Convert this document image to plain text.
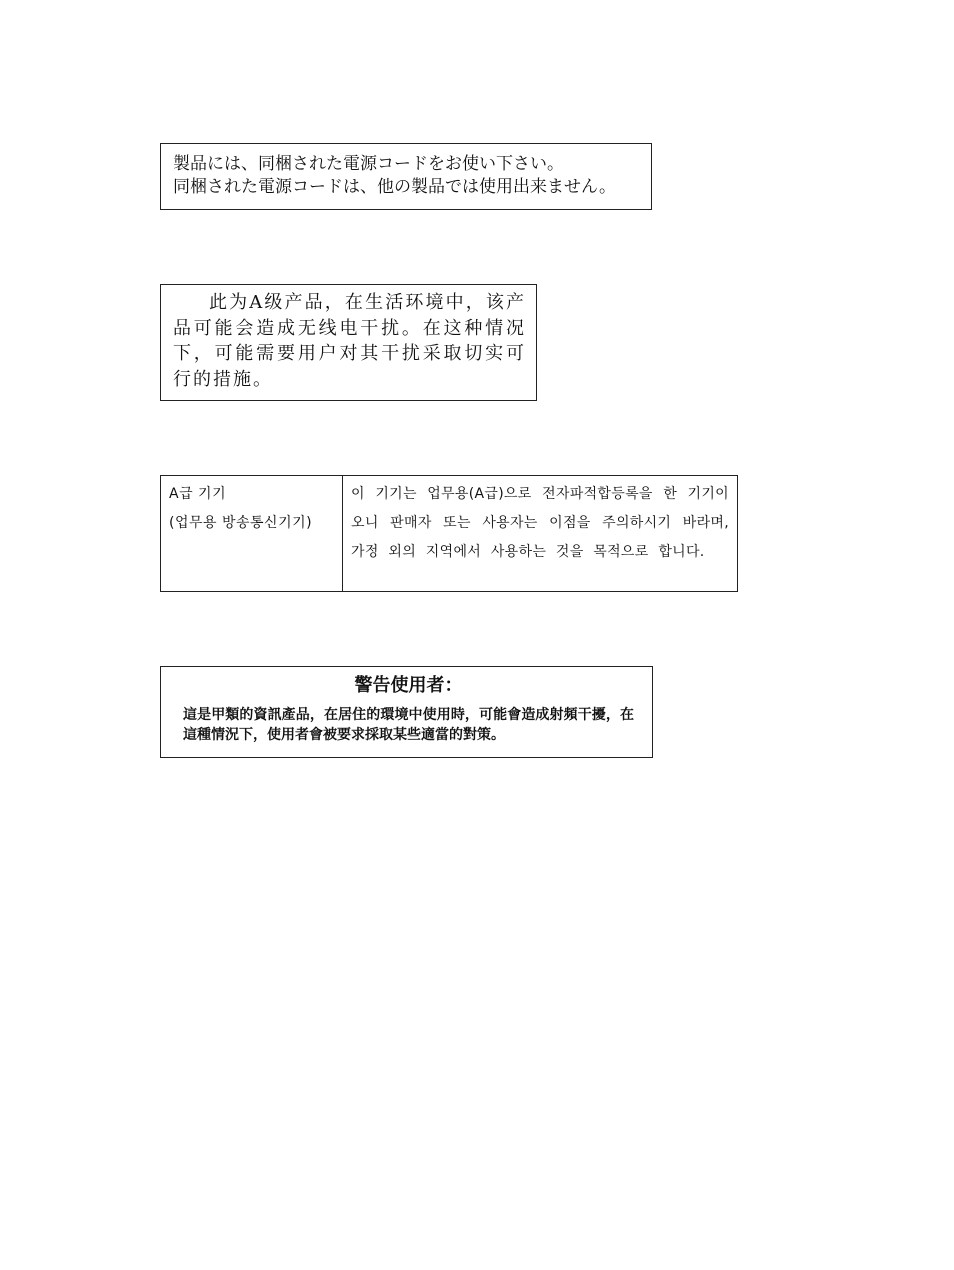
製品には、同梱された電源コードをお使い下さい。
同梱された電源コードは、他の製品では使用出来ません。

此为A级产品，在生活环境中，该产品可能会造成无线电干扰。在这种情况下，可能需要用户对其干扰采取切实可行的措施。

A급 기기
(업무용 방송통신기기)
	이 기기는 업무용(A급)으로 전자파적합등록을 한 기기이오니 판매자 또는 사용자는 이점을 주의하시기 바라며, 가정 외의 지역에서 사용하는 것을 목적으로 합니다.
警告使用者：

這是甲類的資訊產品，在居住的環境中使用時，可能會造成射頻干擾，在這種情況下，使用者會被要求採取某些適當的對策。
